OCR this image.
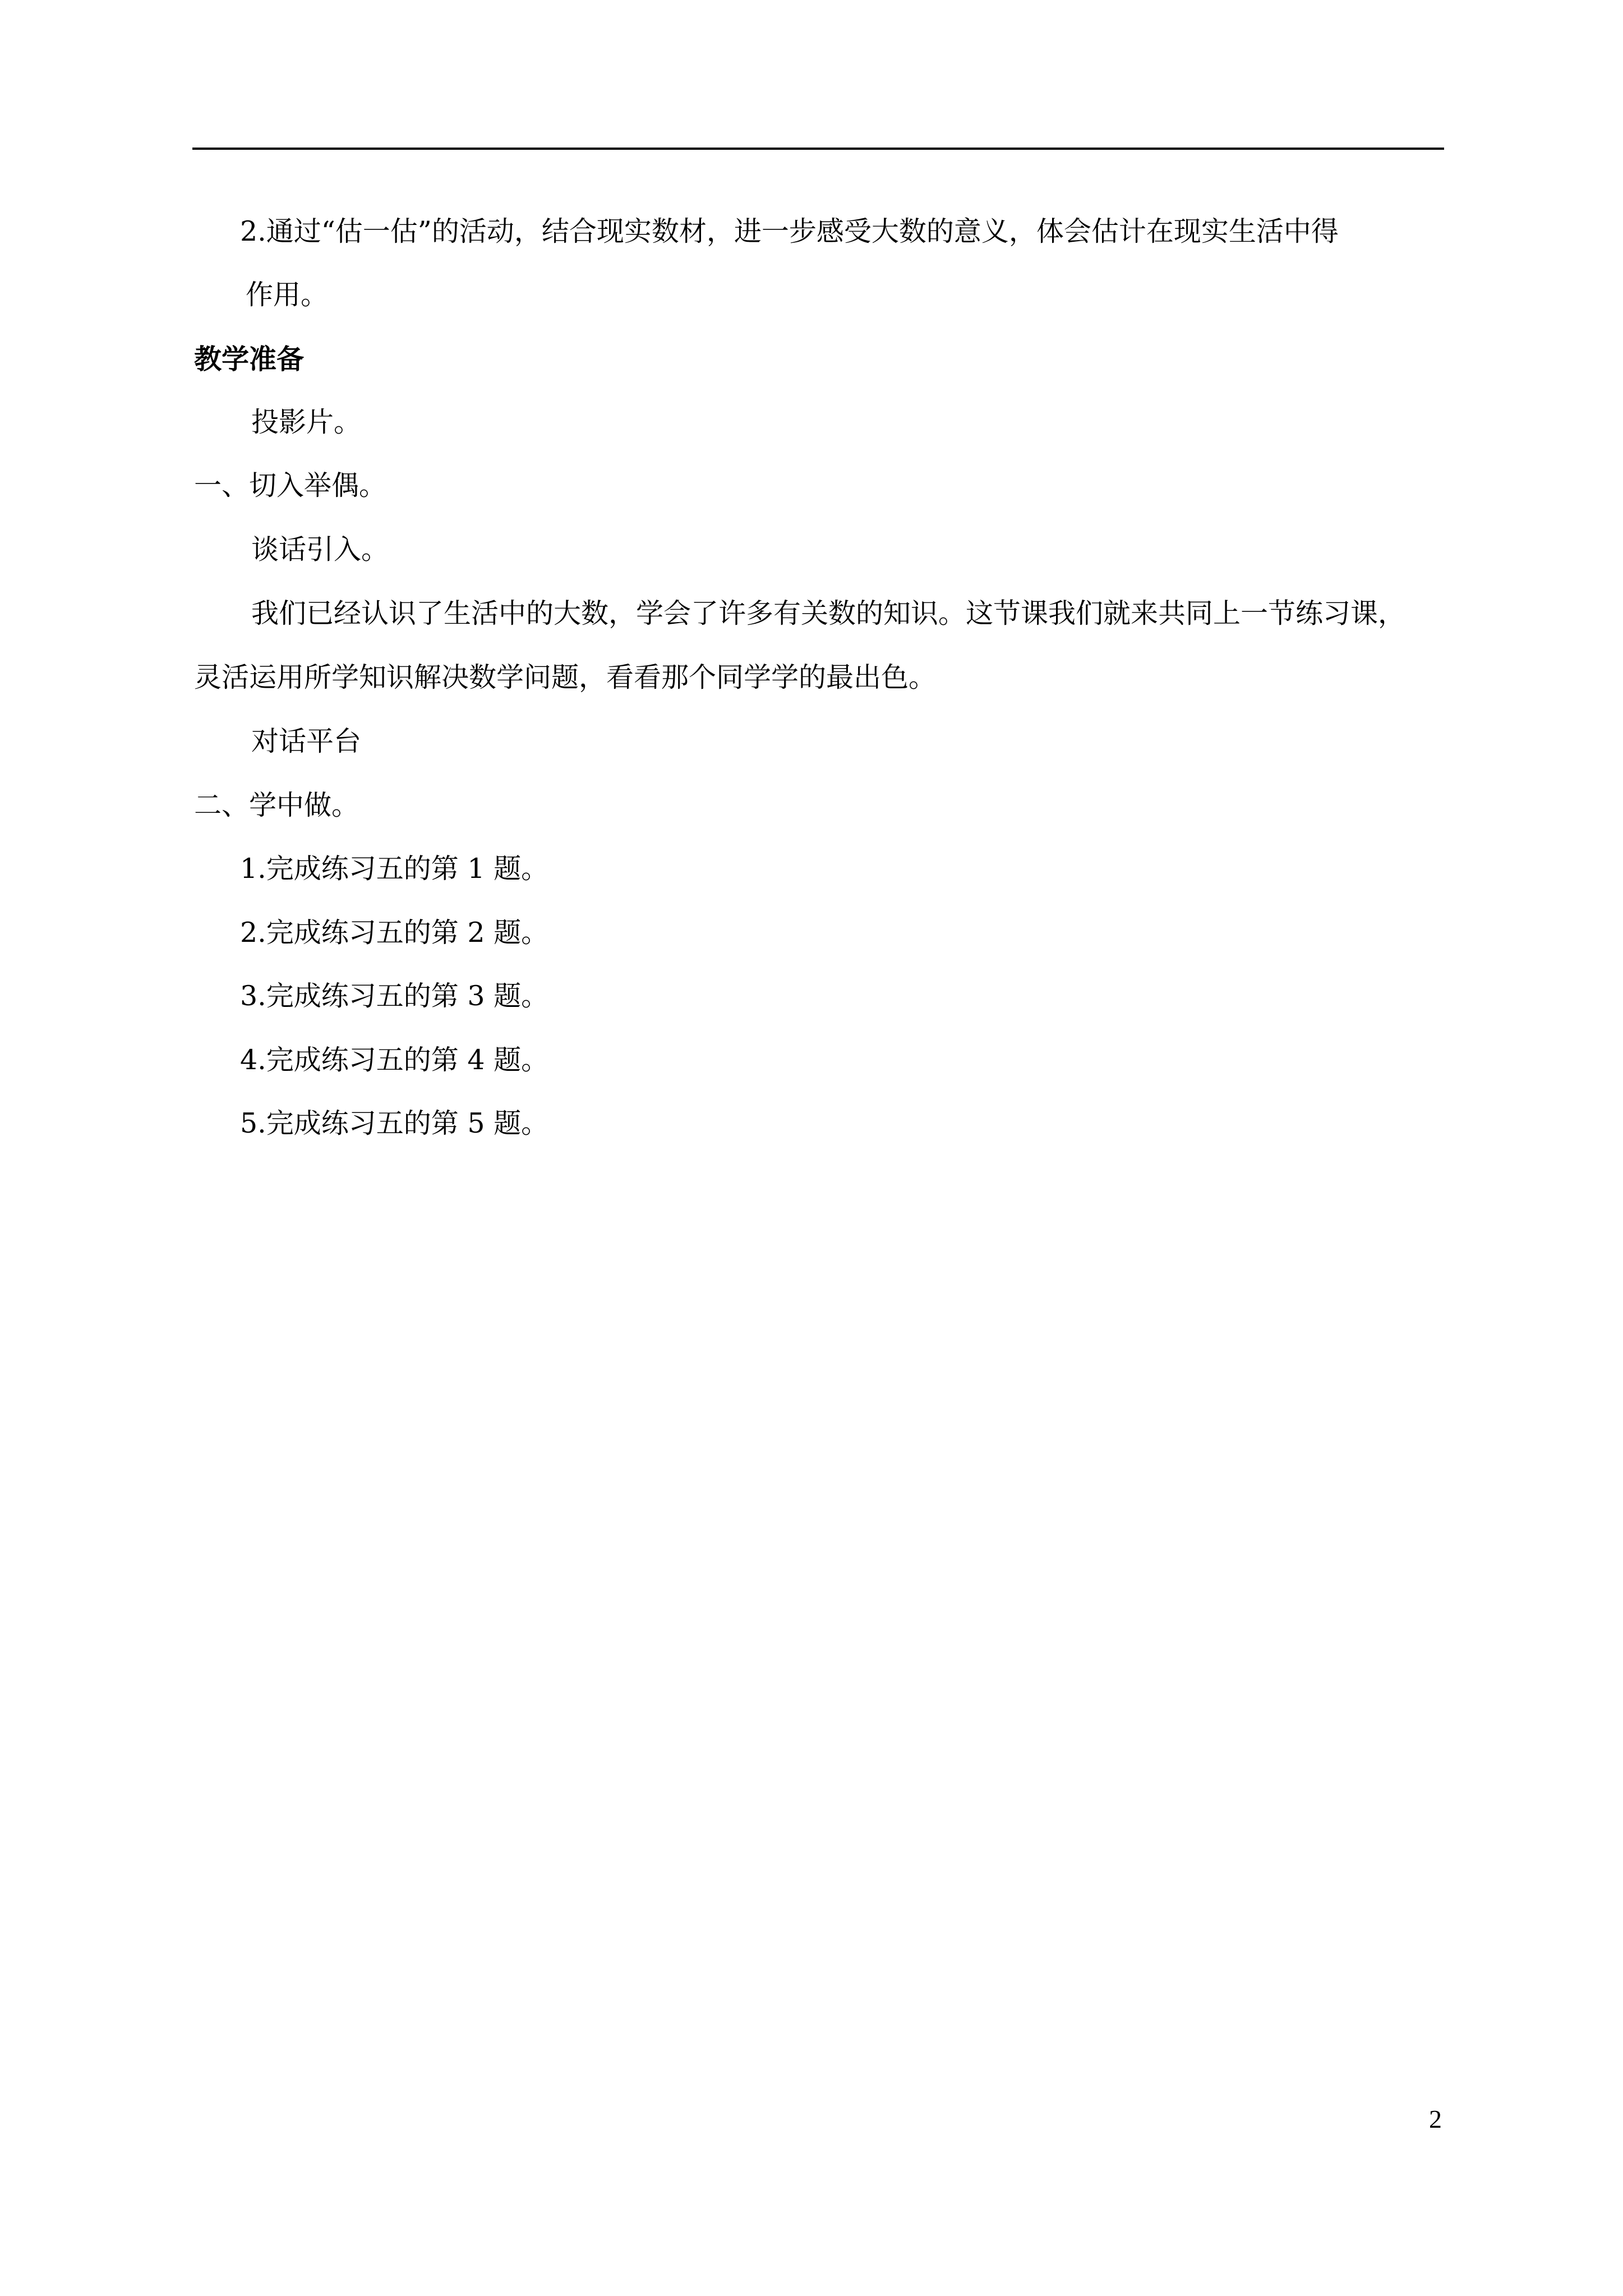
2.通过“估一估”的活动，结合现实数材，进一步感受大数的意义，体会估计在现实生活中得
作用。
教学准备
投影片。
一、切入举偶。
谈话引入。
我们已经认识了生活中的大数，学会了许多有关数的知识。这节课我们就来共同上一节练习课，
灵活运用所学知识解决数学问题，看看那个同学学的最出色。
对话平台
二、学中做。
1.完成练习五的第 1 题。
2.完成练习五的第 2 题。
3.完成练习五的第 3 题。
4.完成练习五的第 4 题。
5.完成练习五的第 5 题。
2
